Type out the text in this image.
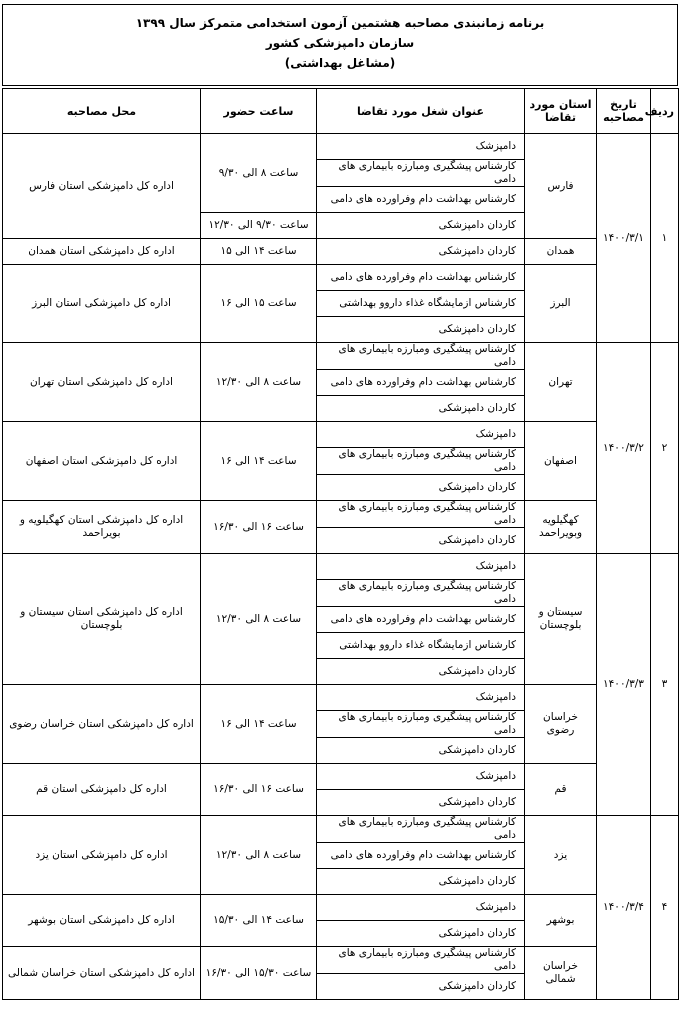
برنامه زمانبندی مصاحبه هشتمین آزمون استخدامی متمرکز سال ۱۳۹۹
سازمان دامپزشکی کشور
(مشاغل بهداشتی)
ردیف	تاریخ مصاحبه	استان مورد تقاضا	عنوان شغل مورد تقاضا	ساعت حضور	محل مصاحبه
۱	۱۴۰۰/۳/۱	فارس	دامپزشک	ساعت ۸ الی ۹/۳۰	اداره کل دامپزشکی استان فارس
			کارشناس پیشگیری ومبارزه بابیماری های دامی		
			کارشناس بهداشت دام وفراورده های دامی		
			کاردان دامپزشکی	ساعت ۹/۳۰ الی ۱۲/۳۰	
		همدان	کاردان دامپزشکی	ساعت ۱۴ الی ۱۵	اداره کل دامپزشکی استان همدان
		البرز	کارشناس بهداشت دام وفراورده های دامی	ساعت ۱۵ الی ۱۶	اداره کل دامپزشکی استان البرز
			کارشناس ازمایشگاه غذاء داروو بهداشتی		
			کاردان دامپزشکی		
۲	۱۴۰۰/۳/۲	تهران	کارشناس پیشگیری ومبارزه بابیماری های دامی	ساعت ۸ الی ۱۲/۳۰	اداره کل دامپزشکی استان تهران
			کارشناس بهداشت دام وفراورده های دامی		
			کاردان دامپزشکی		
		اصفهان	دامپزشک	ساعت ۱۴ الی ۱۶	اداره کل دامپزشکی استان اصفهان
			کارشناس پیشگیری ومبارزه بابیماری های دامی		
			کاردان دامپزشکی		
		کهگیلویه وبویراحمد	کارشناس پیشگیری ومبارزه بابیماری های دامی	ساعت ۱۶ الی ۱۶/۳۰	اداره کل دامپزشکی استان کهگیلویه و بویراحمد
			کاردان دامپزشکی		
۳	۱۴۰۰/۳/۳	سیستان و بلوچستان	دامپزشک	ساعت ۸ الی ۱۲/۳۰	اداره کل دامپزشکی استان سیستان و بلوچستان
			کارشناس پیشگیری ومبارزه بابیماری های دامی		
			کارشناس بهداشت دام وفراورده های دامی		
			کارشناس ازمایشگاه غذاء داروو بهداشتی		
			کاردان دامپزشکی		
		خراسان رضوی	دامپزشک	ساعت ۱۴ الی ۱۶	اداره کل دامپزشکی استان خراسان رضوی
			کارشناس پیشگیری ومبارزه بابیماری های دامی		
			کاردان دامپزشکی		
		قم	دامپزشک	ساعت ۱۶ الی ۱۶/۳۰	اداره کل دامپزشکی استان قم
			کاردان دامپزشکی		
۴	۱۴۰۰/۳/۴	یزد	کارشناس پیشگیری ومبارزه بابیماری های دامی	ساعت ۸ الی ۱۲/۳۰	اداره کل دامپزشکی استان یزد
			کارشناس بهداشت دام وفراورده های دامی		
			کاردان دامپزشکی		
		بوشهر	دامپزشک	ساعت ۱۴ الی ۱۵/۳۰	اداره کل دامپزشکی استان بوشهر
			کاردان دامپزشکی		
		خراسان شمالی	کارشناس پیشگیری ومبارزه بابیماری های دامی	ساعت ۱۵/۳۰ الی ۱۶/۳۰	اداره کل دامپزشکی استان خراسان شمالی
			کاردان دامپزشکی		
